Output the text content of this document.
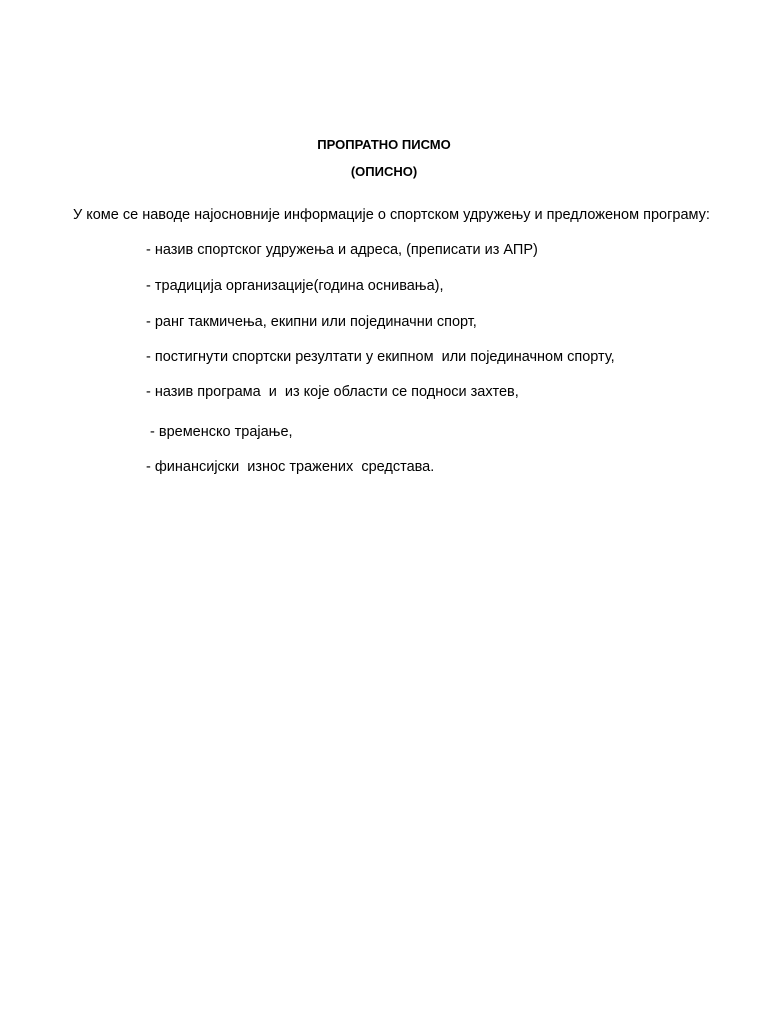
ПРОПРАТНО ПИСМО
(ОПИСНО)
У коме се наводе најосновније информације о спортском удружењу и предложеном програму:
- назив спортског удружења и адреса, (преписати из АПР)
- традиција организације(година оснивања),
- ранг такмичења, екипни или појединачни спорт,
- постигнути спортски резултати у екипном  или појединачном спорту,
- назив програма  и  из које области се подноси захтев,
- временско трајање,
- финансијски  износ тражених  средстава.
